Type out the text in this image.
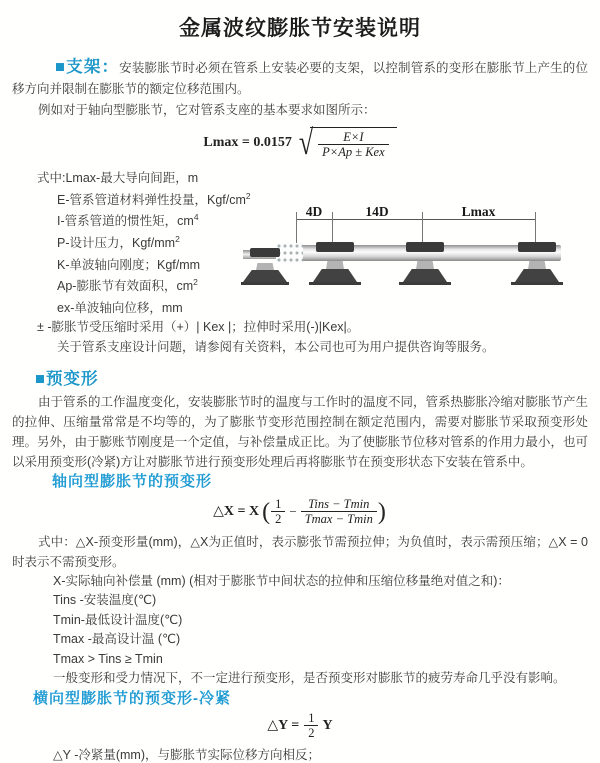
金属波纹膨胀节安装说明

■支架：安装膨胀节时必须在管系上安装必要的支架，以控制管系的变形在膨胀节上产生的位移方向并限制在膨胀节的额定位移范围内。

例如对于轴向型膨胀节，它对管系支座的基本要求如图所示：

Lmax = 0.0157 √ $\frac{E\times I}{\text{P×Ap ± Kex}}$
式中:Lmax-最大导向间距，m
E-管系管道材料弹性投量，Kgf/$cm^2$
I-管系管道的惯性矩，$cm^4$
P-设计压力，Kgf/$mm^2$
K-单波轴向刚度；Kgf/mm
Ap-膨胀节有效面积，$cm^2$
ex-单波轴向位移，mm
± -膨胀节受压缩时采用（+）| Kex |；拉伸时采用(-)|Kex|。
关于管系支座设计问题，请参阅有关资料，本公司也可为用户提供咨询等服务。
4D	14D	Lmax
■预变形

由于管系的工作温度变化，安装膨胀节时的温度与工作时的温度不同，管系热膨胀冷缩对膨胀节产生的拉伸、压缩量常常是不均等的，为了膨胀节变形范围控制在额定范围内，需要对膨胀节采取预变形处理。另外，由于膨账节刚度是一个定值，与补偿量成正比。为了使膨胀节位移对管系的作用力最小，也可以采用预变形(冷紧)方让对膨胀节进行预变形处理后再将膨胀节在预变形状态下安装在管系中。

轴向型膨胀节的预变形
△X = X ( $\frac{1}{2} - \frac{\text{Tins − Tmin}}{Tmax - Tmin}$ )

式中：△X-预变形量(mm)，△X为正值时，表示膨张节需预拉伸；为负值时，表示需预压缩；△X = 0时表示不需预变形。

X-实际轴向补偿量 (mm) (相对于膨胀节中间状态的拉伸和压缩位移量绝对值之和)：
Tins -安装温度(℃)
Tmin-最低设计温度(℃)
Tmax -最高设计温 (℃)
Tmax > Tins ≥ Tmin
一般变形和受力情况下，不一定进行预变形，是否预变形对膨胀节的疲劳寿命几乎没有影响。
横向型膨胀节的预变形-冷紧
△Y = $\frac{1}{2}$ Y
△Y -冷紧量(mm)，与膨胀节实际位移方向相反；
